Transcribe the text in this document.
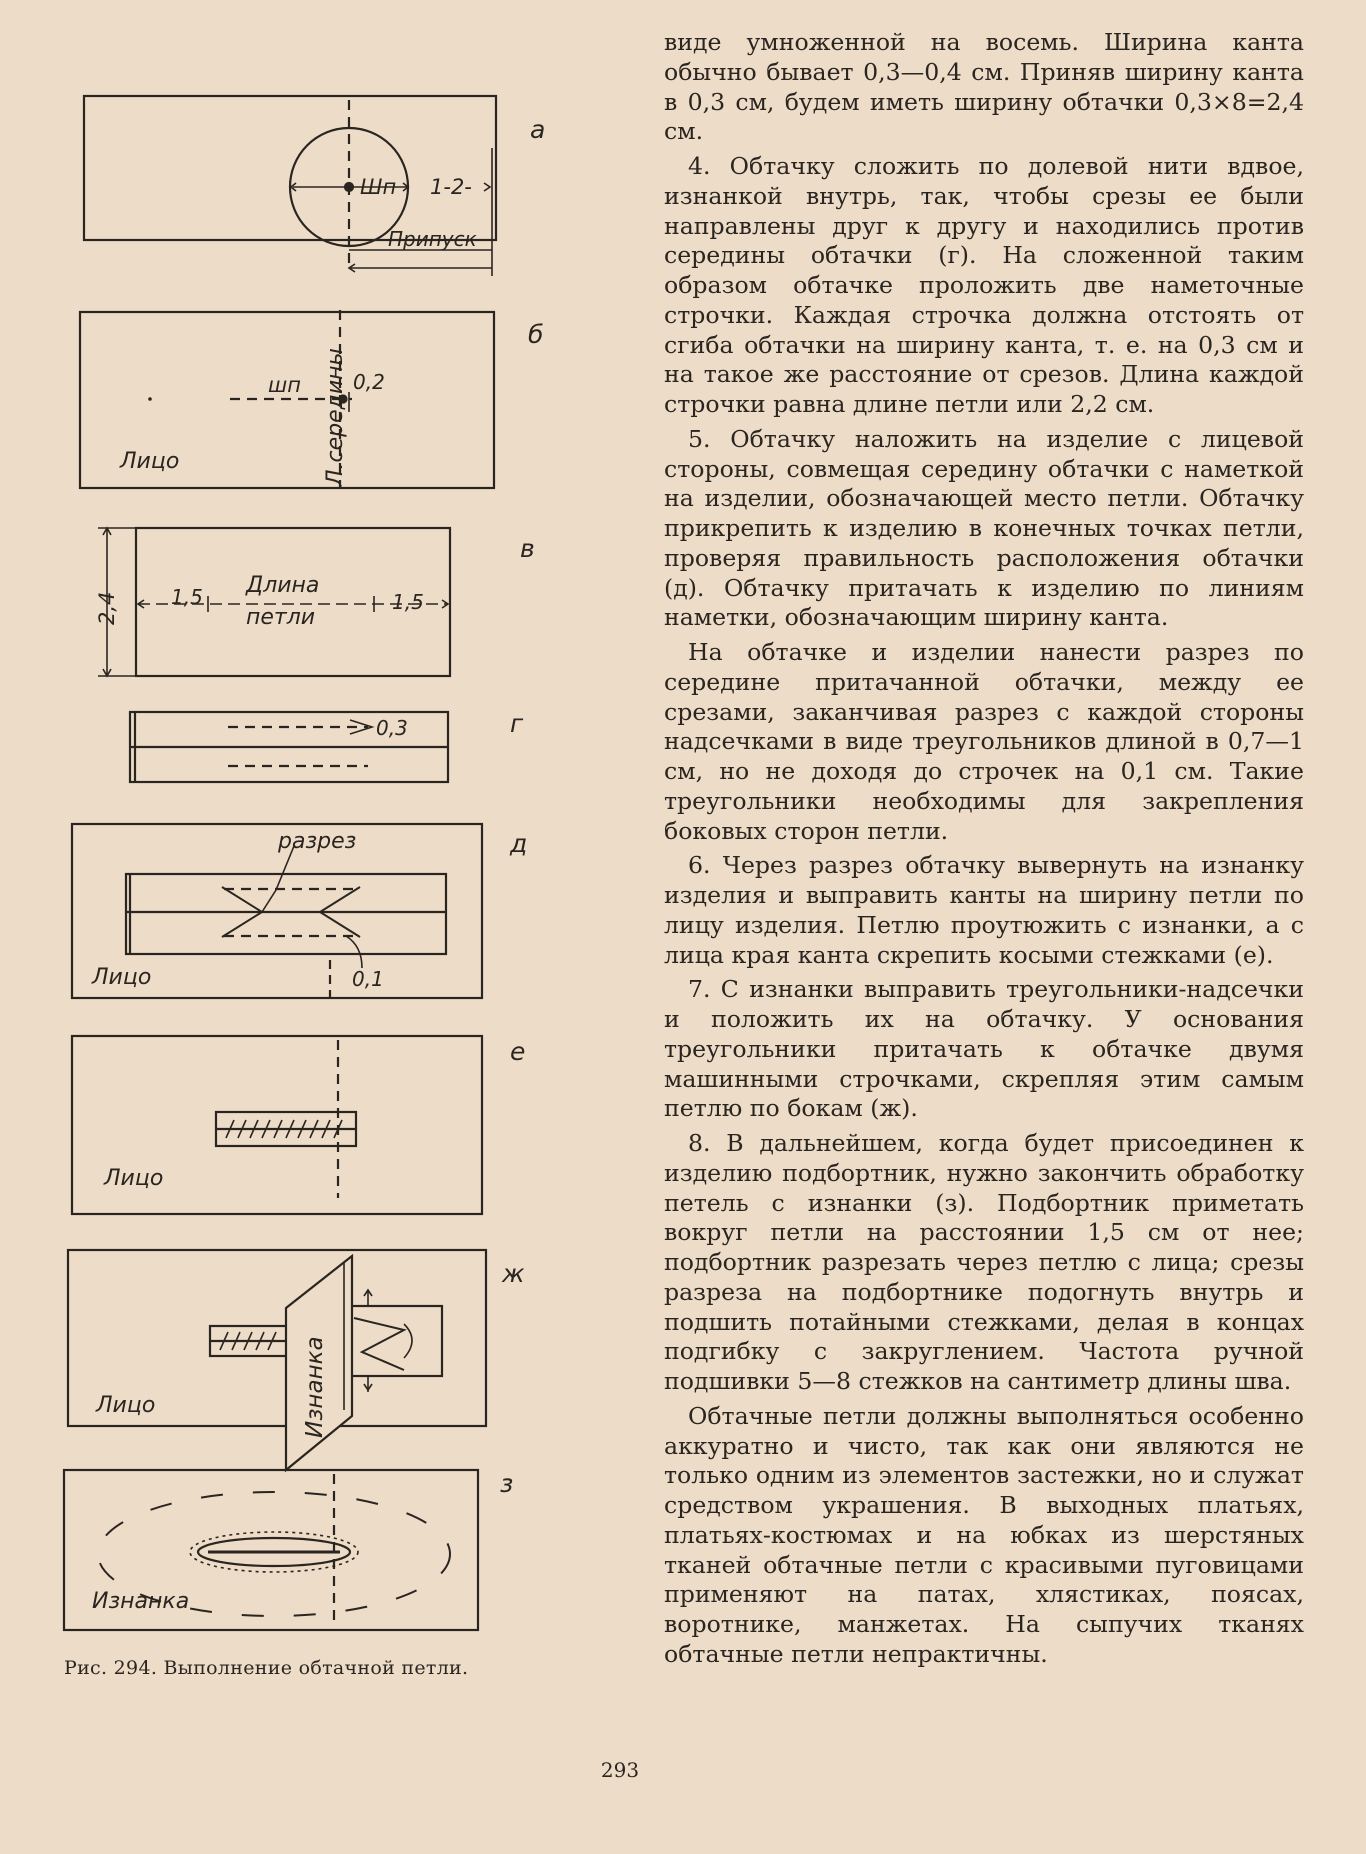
Шп 1-2-
Припуск
а
шп	0,2
Л.середины
Лицо
б
2,4	1,5	1,5
Длина
петли
в
0,3	г
разрез
Лицо	0,1
д
Лицо
е
Лицо	Изнанка
ж
Изнанка
з
Рис. 294. Выполнение обтачной петли.

виде умноженной на восемь. Ширина канта обычно бывает 0,3—0,4 см. Приняв ширину канта в 0,3 см, будем иметь ширину обтачки 0,3×8=2,4 см.

4. Обтачку сложить по долевой нити вдвое, изнанкой внутрь, так, чтобы срезы ее были направлены друг к другу и находились против середины обтачки (г). На сложенной таким образом обтачке проложить две наметочные строчки. Каждая строчка должна отстоять от сгиба обтачки на ширину канта, т. е. на 0,3 см и на такое же расстояние от срезов. Длина каждой строчки равна длине петли или 2,2 см.

5. Обтачку наложить на изделие с лицевой стороны, совмещая середину обтачки с наметкой на изделии, обозначающей место петли. Обтачку прикрепить к изделию в конечных точках петли, проверяя правильность расположения обтачки (д). Обтачку притачать к изделию по линиям наметки, обозначающим ширину канта.

На обтачке и изделии нанести разрез по середине притачанной обтачки, между ее срезами, заканчивая разрез с каждой стороны надсечками в виде треугольников длиной в 0,7—1 см, но не доходя до строчек на 0,1 см. Такие треугольники необходимы для закрепления боковых сторон петли.

6. Через разрез обтачку вывернуть на изнанку изделия и выправить канты на ширину петли по лицу изделия. Петлю проутюжить с изнанки, а с лица края канта скрепить косыми стежками (е).

7. С изнанки выправить треугольники-надсечки и положить их на обтачку. У основания треугольники притачать к обтачке двумя машинными строчками, скрепляя этим самым петлю по бокам (ж).

8. В дальнейшем, когда будет присоединен к изделию подбортник, нужно закончить обработку петель с изнанки (з). Подбортник приметать вокруг петли на расстоянии 1,5 см от нее; подбортник разрезать через петлю с лица; срезы разреза на подбортнике подогнуть внутрь и подшить потайными стежками, делая в концах подгибку с закруглением. Частота ручной подшивки 5—8 стежков на сантиметр длины шва.

Обтачные петли должны выполняться особенно аккуратно и чисто, так как они являются не только одним из элементов застежки, но и служат средством украшения. В выходных платьях, платьях-костюмах и на юбках из шерстяных тканей обтачные петли с красивыми пуговицами применяют на патах, хлястиках, поясах, воротнике, манжетах. На сыпучих тканях обтачные петли непрактичны.

293
